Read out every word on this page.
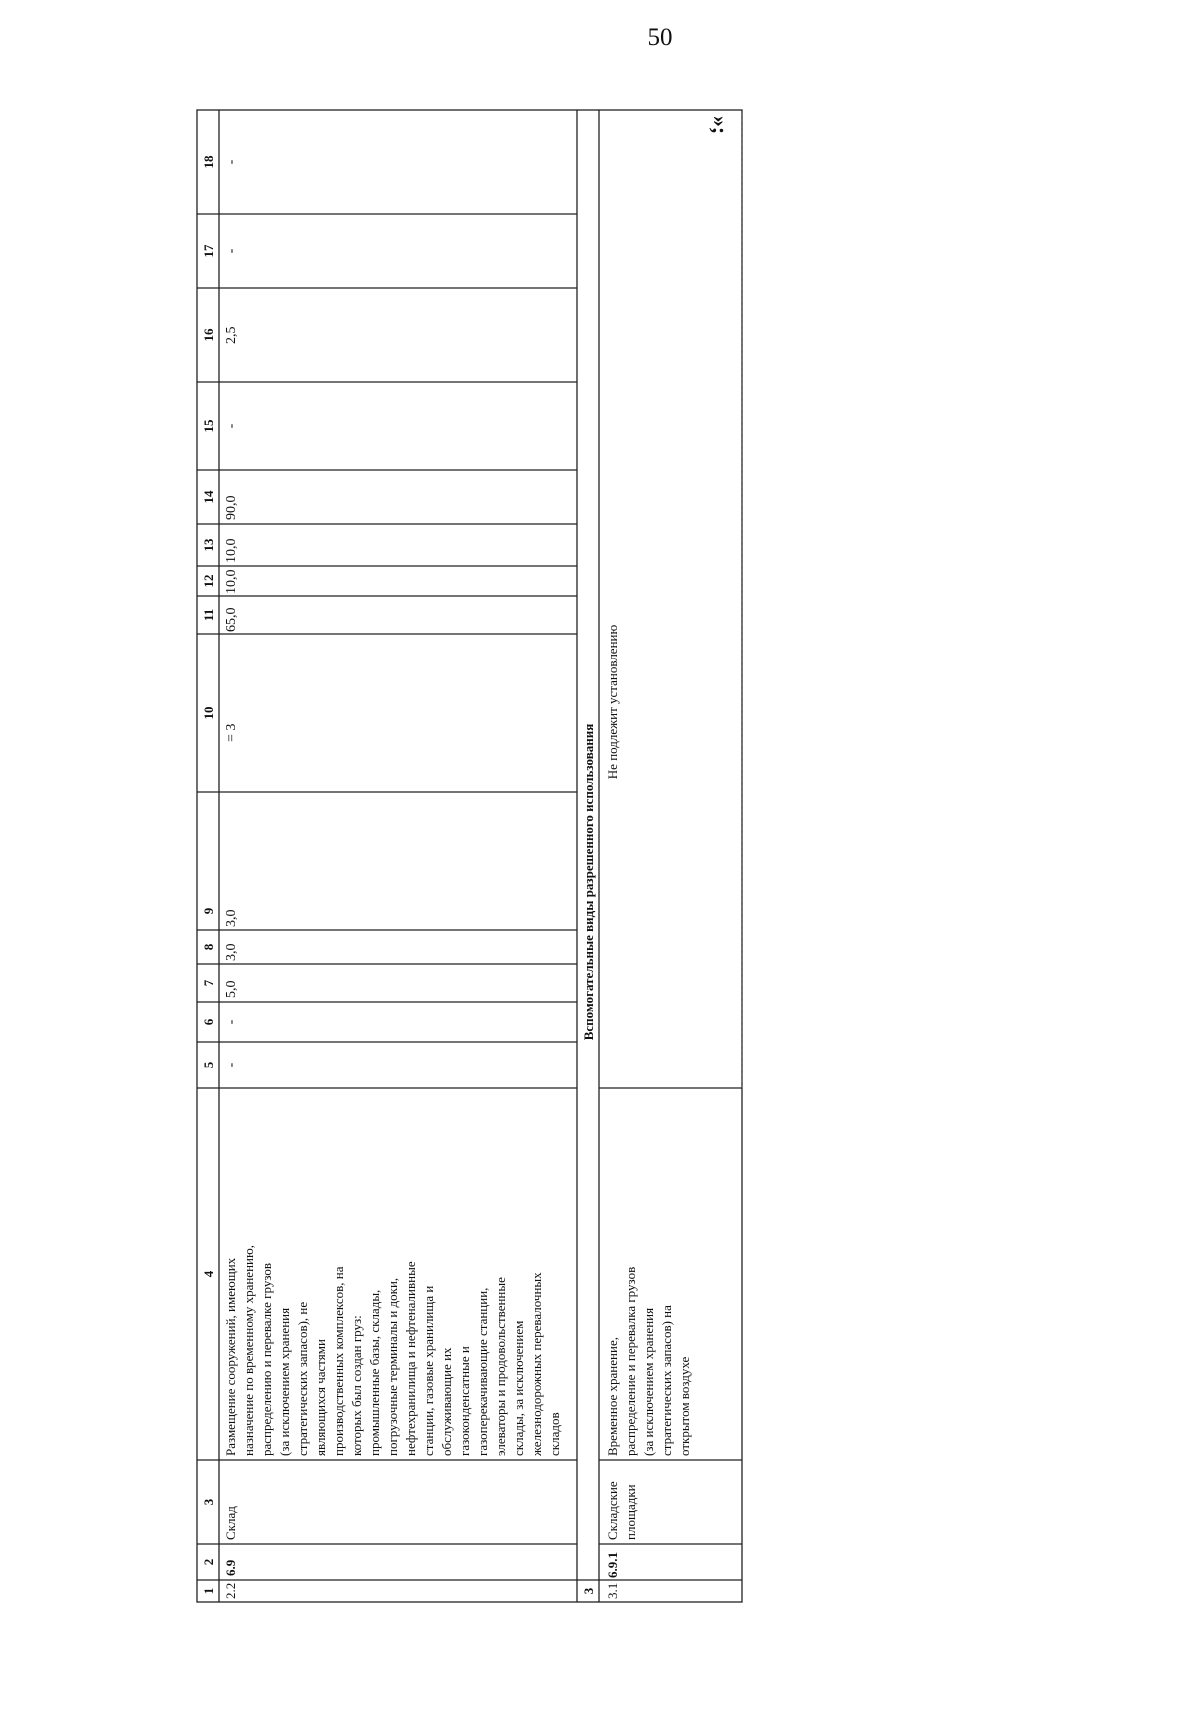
50
»;
1
2
3
4
5
6
7
8
9
10
11
12
13
14
15
16
17
18
2.2
6.9
Склад
Размещение сооружений, имеющих назначение по временному хранению, распределению и перевалке грузов (за исключением хранения стратегических запасов), не являющихся частями производственных комплексов, на которых был создан груз: промышленные базы, склады, погрузочные терминалы и доки, нефтехранилища и нефтеналивные станции, газовые хранилища и обслуживающие их газоконденсатные и газоперекачивающие станции, элеваторы и продовольственные склады, за исключением железнодорожных перевалочных складов
-
-
5,0
3,0
3,0
= 3
65,0
10,0
10,0
90,0
-
2,5
-
-
3
Вспомогательные виды разрешенного использования
3.1
6.9.1
Складские площадки
Временное хранение, распределение и перевалка грузов (за исключением хранения стратегических запасов) на открытом воздухе
Не подлежит установлению
